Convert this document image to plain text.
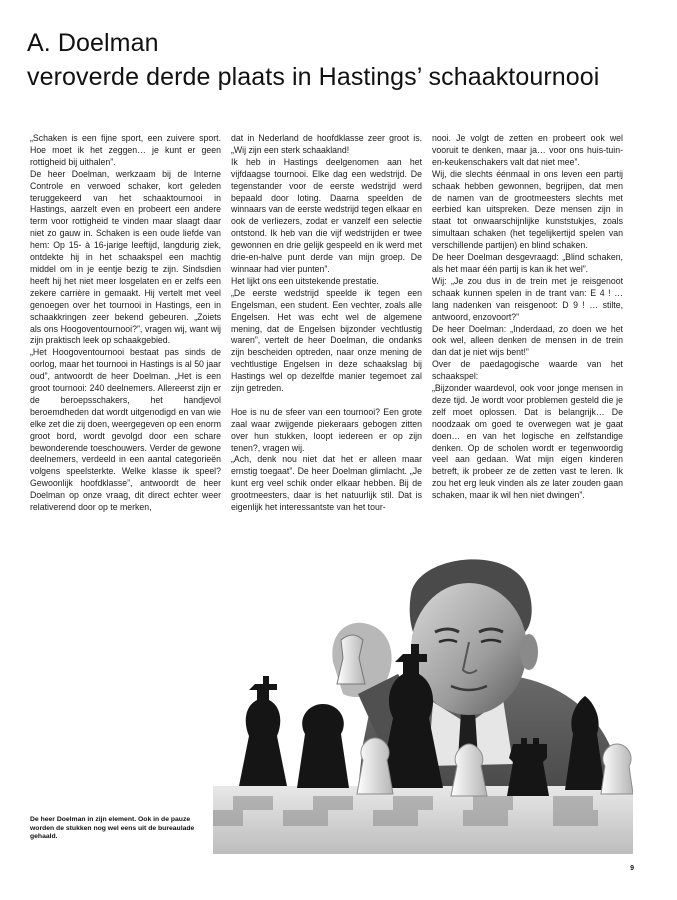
A. Doelman
veroverde derde plaats in Hastings’ schaaktournooi

„Schaken is een fijne sport, een zuivere sport. Hoe moet ik het zeggen… je kunt er geen rottigheid bij uithalen”.

De heer Doelman, werkzaam bij de Interne Controle en verwoed schaker, kort geleden teruggekeerd van het schaaktournooi in Hastings, aarzelt even en probeert een andere term voor rottigheid te vinden maar slaagt daar niet zo gauw in. Schaken is een oude liefde van hem: Op 15- à 16-jarige leeftijd, langdurig ziek, ontdekte hij in het schaakspel een machtig middel om in je eentje bezig te zijn. Sindsdien heeft hij het niet meer losgelaten en er zelfs een zekere carrière in gemaakt. Hij vertelt met veel genoegen over het tournooi in Hastings, een in schaakkringen zeer bekend gebeuren. „Zoiets als ons Hoogoventournooi?”, vragen wij, want wij zijn praktisch leek op schaakgebied.

„Het Hoogoventournooi bestaat pas sinds de oorlog, maar het tournooi in Hastings is al 50 jaar oud”, antwoordt de heer Doelman. „Het is een groot tournooi: 240 deelnemers. Allereerst zijn er de beroepsschakers, het handjevol beroemdheden dat wordt uitgenodigd en van wie elke zet die zij doen, weergegeven op een enorm groot bord, wordt gevolgd door een schare bewonderende toeschouwers. Verder de gewone deelnemers, verdeeld in een aantal categorieën volgens speelsterkte. Welke klasse ik speel? Gewoonlijk hoofdklasse”, antwoordt de heer Doelman op onze vraag, dit direct echter weer relativerend door op te merken,

dat in Nederland de hoofdklasse zeer groot is. „Wij zijn een sterk schaakland!

Ik heb in Hastings deelgenomen aan het vijfdaagse tournooi. Elke dag een wedstrijd. De tegenstander voor de eerste wedstrijd werd bepaald door loting. Daarna speelden de winnaars van de eerste wedstrijd tegen elkaar en ook de verliezers, zodat er vanzelf een selectie ontstond. Ik heb van die vijf wedstrijden er twee gewonnen en drie gelijk gespeeld en ik werd met drie-en-halve punt derde van mijn groep. De winnaar had vier punten”.

Het lijkt ons een uitstekende prestatie.

„De eerste wedstrijd speelde ik tegen een Engelsman, een student. Een vechter, zoals alle Engelsen. Het was echt wel de algemene mening, dat de Engelsen bijzonder vechtlustig waren”, vertelt de heer Doelman, die ondanks zijn bescheiden optreden, naar onze mening de vechtlustige Engelsen in deze schaakslag bij Hastings wel op dezelfde manier tegemoet zal zijn getreden.

Hoe is nu de sfeer van een tournooi? Een grote zaal waar zwijgende piekeraars gebogen zitten over hun stukken, loopt iedereen er op zijn tenen?, vragen wij.

„Ach, denk nou niet dat het er alleen maar ernstig toegaat”. De heer Doelman glimlacht. „Je kunt erg veel schik onder elkaar hebben. Bij de grootmeesters, daar is het natuurlijk stil. Dat is eigenlijk het interessantste van het tour-

nooi. Je volgt de zetten en probeert ook wel vooruit te denken, maar ja… voor ons huis-tuin-en-keukenschakers valt dat niet mee”.

Wij, die slechts éénmaal in ons leven een partij schaak hebben gewonnen, begrijpen, dat men de namen van de grootmeesters slechts met eerbied kan uitspreken. Deze mensen zijn in staat tot onwaarschijnlijke kunststukjes, zoals simultaan schaken (het tegelijkertijd spelen van verschillende partijen) en blind schaken.

De heer Doelman desgevraagd: „Blind schaken, als het maar één partij is kan ik het wel”.

Wij: „Je zou dus in de trein met je reisgenoot schaak kunnen spelen in de trant van: E 4 ! … lang nadenken van reisgenoot: D 9 ! … stilte, antwoord, enzovoort?”

De heer Doelman: „Inderdaad, zo doen we het ook wel, alleen denken de mensen in de trein dan dat je niet wijs bent!”

Over de paedagogische waarde van het schaakspel:

„Bijzonder waardevol, ook voor jonge mensen in deze tijd. Je wordt voor problemen gesteld die je zelf moet oplossen. Dat is belangrijk… De noodzaak om goed te overwegen wat je gaat doen… en van het logische en zelfstandige denken. Op de scholen wordt er tegenwoordig veel aan gedaan. Wat mijn eigen kinderen betreft, ik probeer ze de zetten vast te leren. Ik zou het erg leuk vinden als ze later zouden gaan schaken, maar ik wil hen niet dwingen”.

De heer Doelman in zijn element. Ook in de pauze worden de stukken nog wel eens uit de bureaulade gehaald.
9
